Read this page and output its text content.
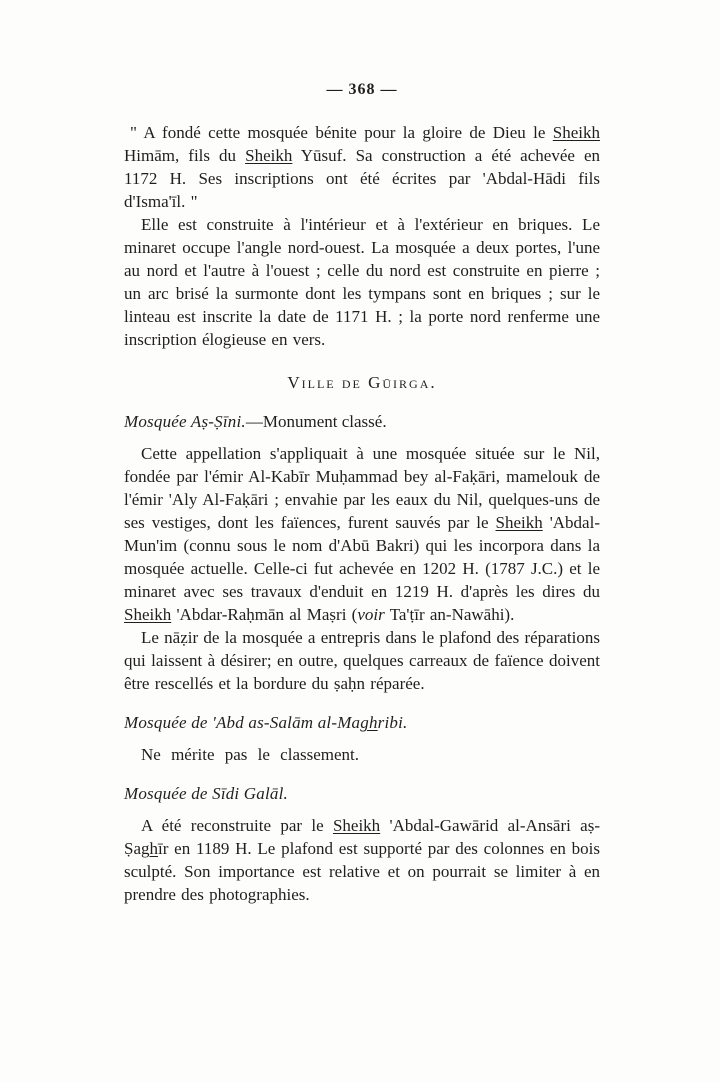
— 368 —

" A fondé cette mosquée bénite pour la gloire de Dieu le Sheikh Himām, fils du Sheikh Yūsuf. Sa construction a été achevée en 1172 H. Ses inscriptions ont été écrites par 'Abdal-Hādi fils d'Isma'īl. "

Elle est construite à l'intérieur et à l'extérieur en briques. Le minaret occupe l'angle nord-ouest. La mosquée a deux portes, l'une au nord et l'autre à l'ouest ; celle du nord est construite en pierre ; un arc brisé la surmonte dont les tympans sont en briques ; sur le linteau est inscrite la date de 1171 H. ; la porte nord renferme une inscription élogieuse en vers.

Ville de Gūirga.
Mosquée Aṣ-Ṣīni.—Monument classé.

Cette appellation s'appliquait à une mosquée située sur le Nil, fondée par l'émir Al-Kabīr Muḥammad bey al-Faḳāri, mamelouk de l'émir 'Aly Al-Faḳāri ; envahie par les eaux du Nil, quelques-uns de ses vestiges, dont les faïences, furent sauvés par le Sheikh 'Abdal-Mun'im (connu sous le nom d'Abū Bakri) qui les incorpora dans la mosquée actuelle. Celle-ci fut achevée en 1202 H. (1787 J.C.) et le minaret avec ses travaux d'enduit en 1219 H. d'après les dires du Sheikh 'Abdar-Raḥmān al Maṣri (voir Ta'ṭīr an-Nawāhi).

Le nāẓir de la mosquée a entrepris dans le plafond des réparations qui laissent à désirer; en outre, quelques carreaux de faïence doivent être rescellés et la bordure du ṣaḥn réparée.

Mosquée de 'Abd as-Salām al-Maghribi.

Ne mérite pas le classement.

Mosquée de Sīdi Galāl.

A été reconstruite par le Sheikh 'Abdal-Gawārid al-Ansāri aṣ-Ṣaghīr en 1189 H. Le plafond est supporté par des colonnes en bois sculpté. Son importance est relative et on pourrait se limiter à en prendre des photographies.
